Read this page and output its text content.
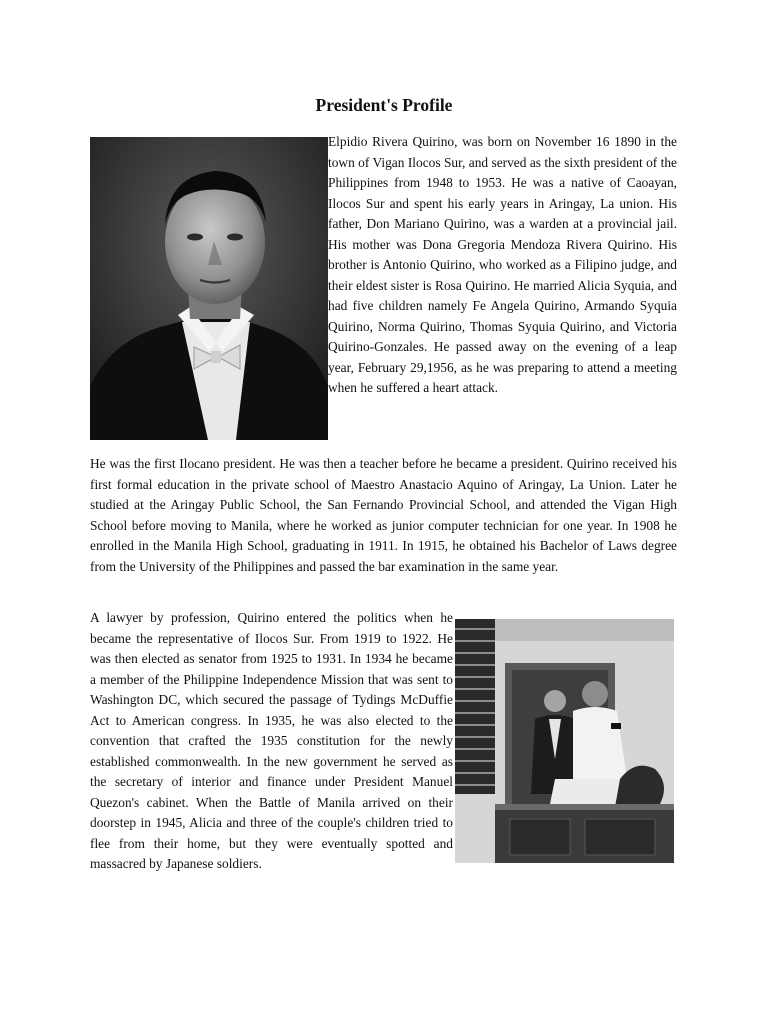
President's Profile

Elpidio Rivera Quirino, was born on November 16 1890 in the town of Vigan Ilocos Sur, and served as the sixth president of the Philippines from 1948 to 1953. He was a native of Caoayan, Ilocos Sur and spent his early years in Aringay, La union. His father, Don Mariano Quirino, was a warden at a provincial jail. His mother was Dona Gregoria Mendoza Rivera Quirino. His brother is Antonio Quirino, who worked as a Filipino judge, and their eldest sister is Rosa Quirino. He married Alicia Syquia, and had five children namely Fe Angela Quirino, Armando Syquia Quirino, Norma Quirino, Thomas Syquia Quirino, and Victoria Quirino-Gonzales. He passed away on the evening of a leap year, February 29,1956, as he was preparing to attend a meeting when he suffered a heart attack.

He was the first Ilocano president. He was then a teacher before he became a president. Quirino received his first formal education in the private school of Maestro Anastacio Aquino of Aringay, La Union. Later he studied at the Aringay Public School, the San Fernando Provincial School, and attended the Vigan High School before moving to Manila, where he worked as junior computer technician for one year. In 1908 he enrolled in the Manila High School, graduating in 1911. In 1915, he obtained his Bachelor of Laws degree from the University of the Philippines and passed the bar examination in the same year.

A lawyer by profession, Quirino entered the politics when he became the representative of Ilocos Sur. From 1919 to 1922. He was then elected as senator from 1925 to 1931. In 1934 he became a member of the Philippine Independence Mission that was sent to Washington DC, which secured the passage of Tydings McDuffie Act to American congress. In 1935, he was also elected to the convention that crafted the 1935 constitution for the newly established commonwealth. In the new government he served as the secretary of interior and finance under President Manuel Quezon's cabinet. When the Battle of Manila arrived on their doorstep in 1945, Alicia and three of the couple's children tried to flee from their home, but they were eventually spotted and massacred by Japanese soldiers.
